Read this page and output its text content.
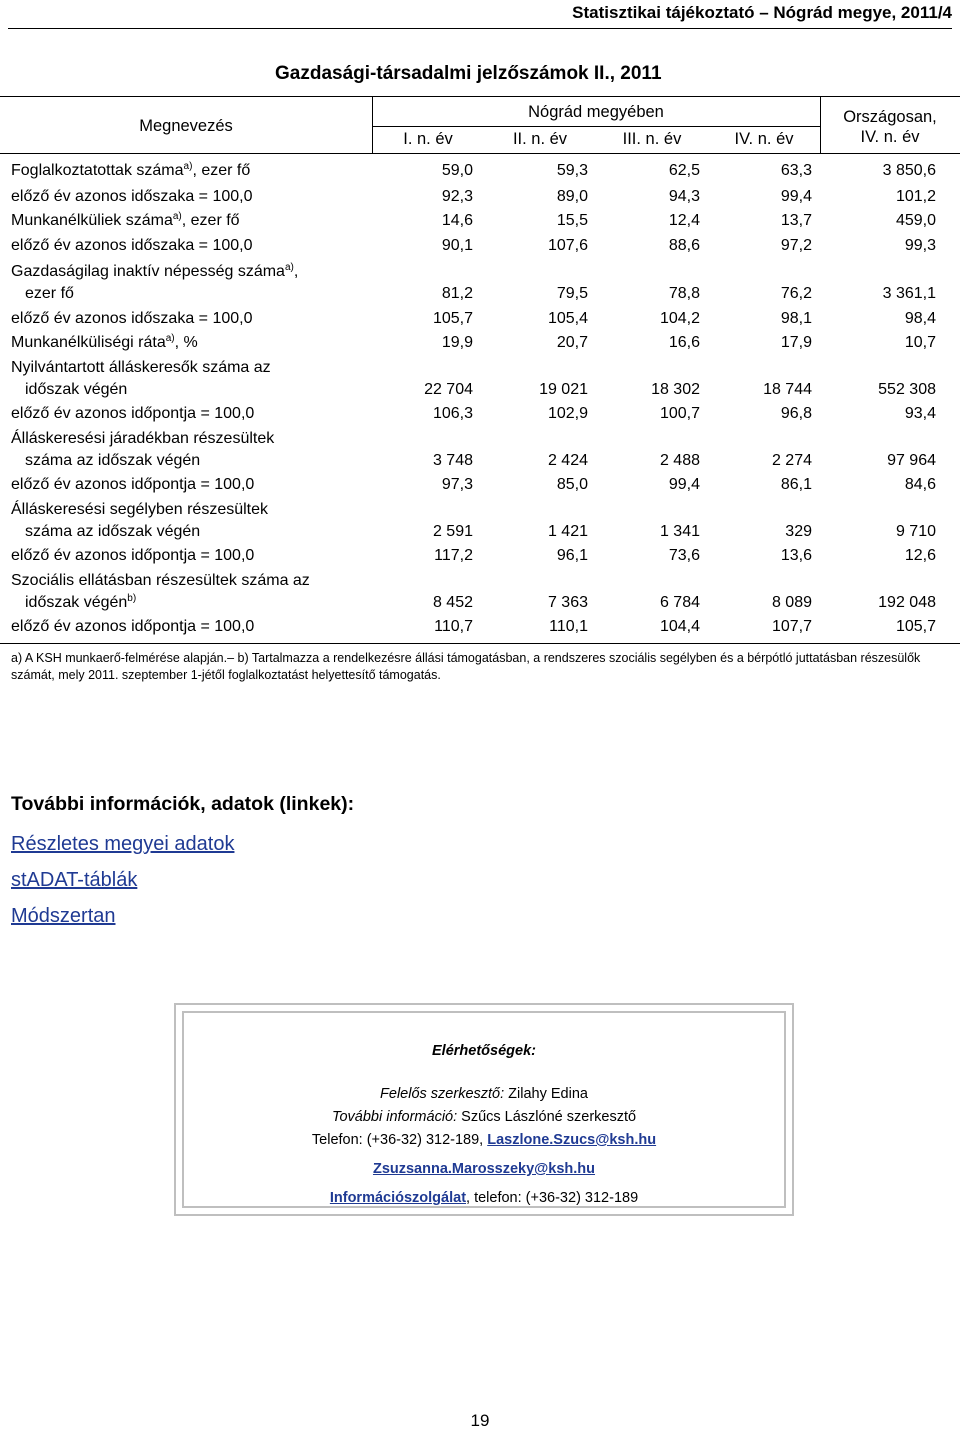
Statisztikai tájékoztató – Nógrád megye, 2011/4
Gazdasági-társadalmi jelzőszámok II., 2011
Megnevezés
Nógrád megyében
I. n. év	II. n. év	III. n. év	IV. n. év
Országosan,
IV. n. év
Foglalkoztatottak száma$^{a)}$, ezer fő	59,0	59,3	62,5	63,3	3 850,6
előző év azonos időszaka = 100,0	92,3	89,0	94,3	99,4	101,2
Munkanélküliek száma$^{a)}$, ezer fő	14,6	15,5	12,4	13,7	459,0
előző év azonos időszaka = 100,0	90,1	107,6	88,6	97,2	99,3
Gazdaságilag inaktív népesség száma$^{a)}$,
ezer fő	81,2	79,5	78,8	76,2	3 361,1
előző év azonos időszaka = 100,0	105,7	105,4	104,2	98,1	98,4
Munkanélküliségi ráta$^{a)}$, %	19,9	20,7	16,6	17,9	10,7
Nyilvántartott álláskeresők száma az
időszak végén	22 704	19 021	18 302	18 744	552 308
előző év azonos időpontja = 100,0	106,3	102,9	100,7	96,8	93,4
Álláskeresési járadékban részesültek
száma az időszak végén	3 748	2 424	2 488	2 274	97 964
előző év azonos időpontja = 100,0	97,3	85,0	99,4	86,1	84,6
Álláskeresési segélyben részesültek
száma az időszak végén	2 591	1 421	1 341	329	9 710
előző év azonos időpontja = 100,0	117,2	96,1	73,6	13,6	12,6
Szociális ellátásban részesültek száma az
időszak végén$^{b)}$	8 452	7 363	6 784	8 089	192 048
előző év azonos időpontja = 100,0	110,7	110,1	104,4	107,7	105,7
a) A KSH munkaerő-felmérése alapján.– b) Tartalmazza a rendelkezésre állási támogatásban, a rendszeres szociális segélyben és a bérpótló juttatásban részesülők számát, mely 2011. szeptember 1-jétől foglalkoztatást helyettesítő támogatás.
További információk, adatok (linkek):
Részletes megyei adatok
stADAT-táblák
Módszertan
Elérhetőségek:
Felelős szerkesztő: Zilahy Edina
További információ: Szűcs Lászlóné szerkesztő
Telefon: (+36-32) 312-189, Laszlone.Szucs@ksh.hu
Zsuzsanna.Marosszeky@ksh.hu
Információszolgálat, telefon: (+36-32) 312-189
19
